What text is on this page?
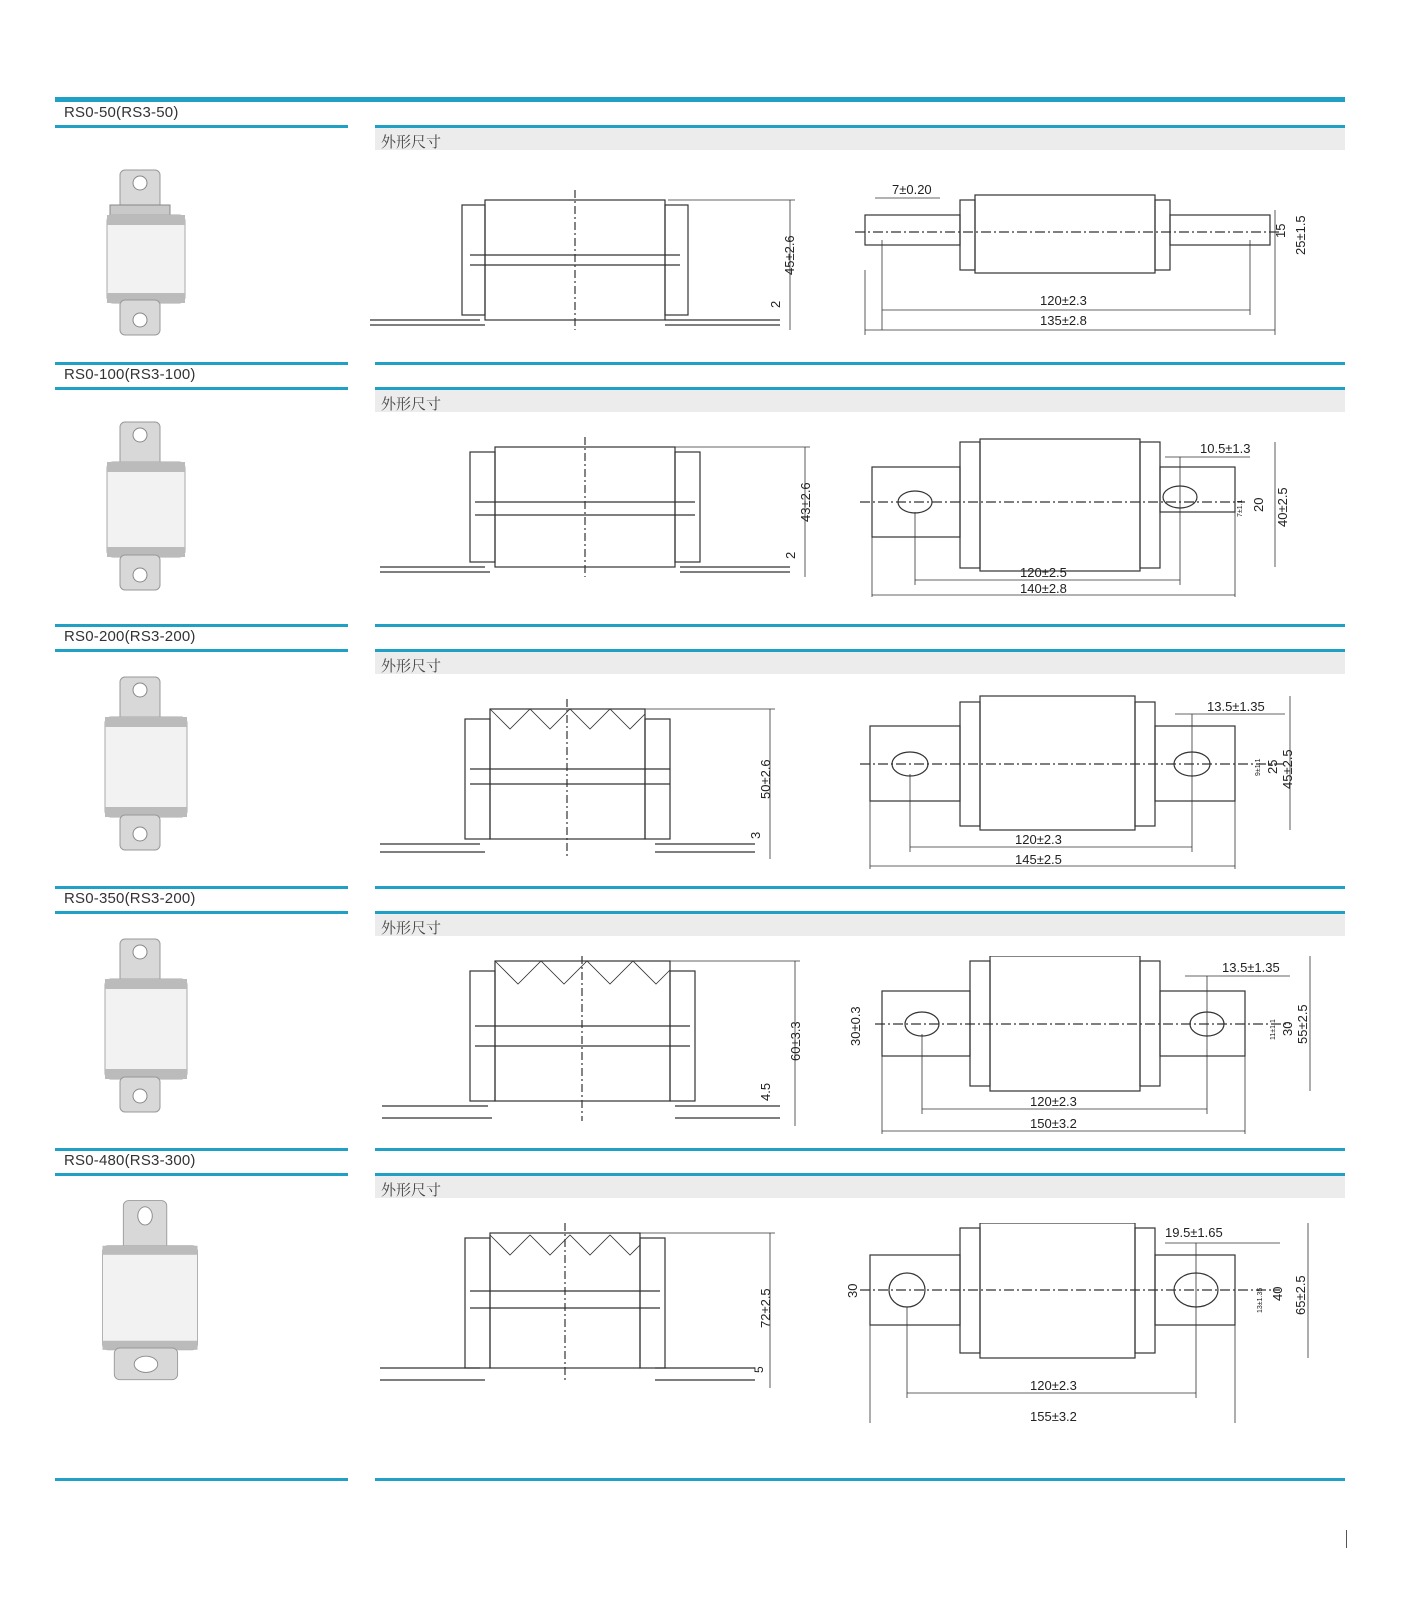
RS0-50(RS3-50)
外形尺寸
45±2.6
2
7±0.20
15 25±1.5
120±2.3
135±2.8
RS0-100(RS3-100)
外形尺寸
43±2.6
2
10.5±1.3
7±1.1 20 40±2.5
120±2.5
140±2.8
RS0-200(RS3-200)
外形尺寸
50±2.6
3
13.5±1.35
9±1.1 25 45±2.5
120±2.3
145±2.5
RS0-350(RS3-200)
外形尺寸
60±3.3
4.5
13.5±1.35
11±1.1 30 55±2.5
30±0.3
120±2.3
150±3.2
RS0-480(RS3-300)
外形尺寸
72±2.5
5
19.5±1.65
13±1.35 40 65±2.5
30
120±2.3
155±3.2
